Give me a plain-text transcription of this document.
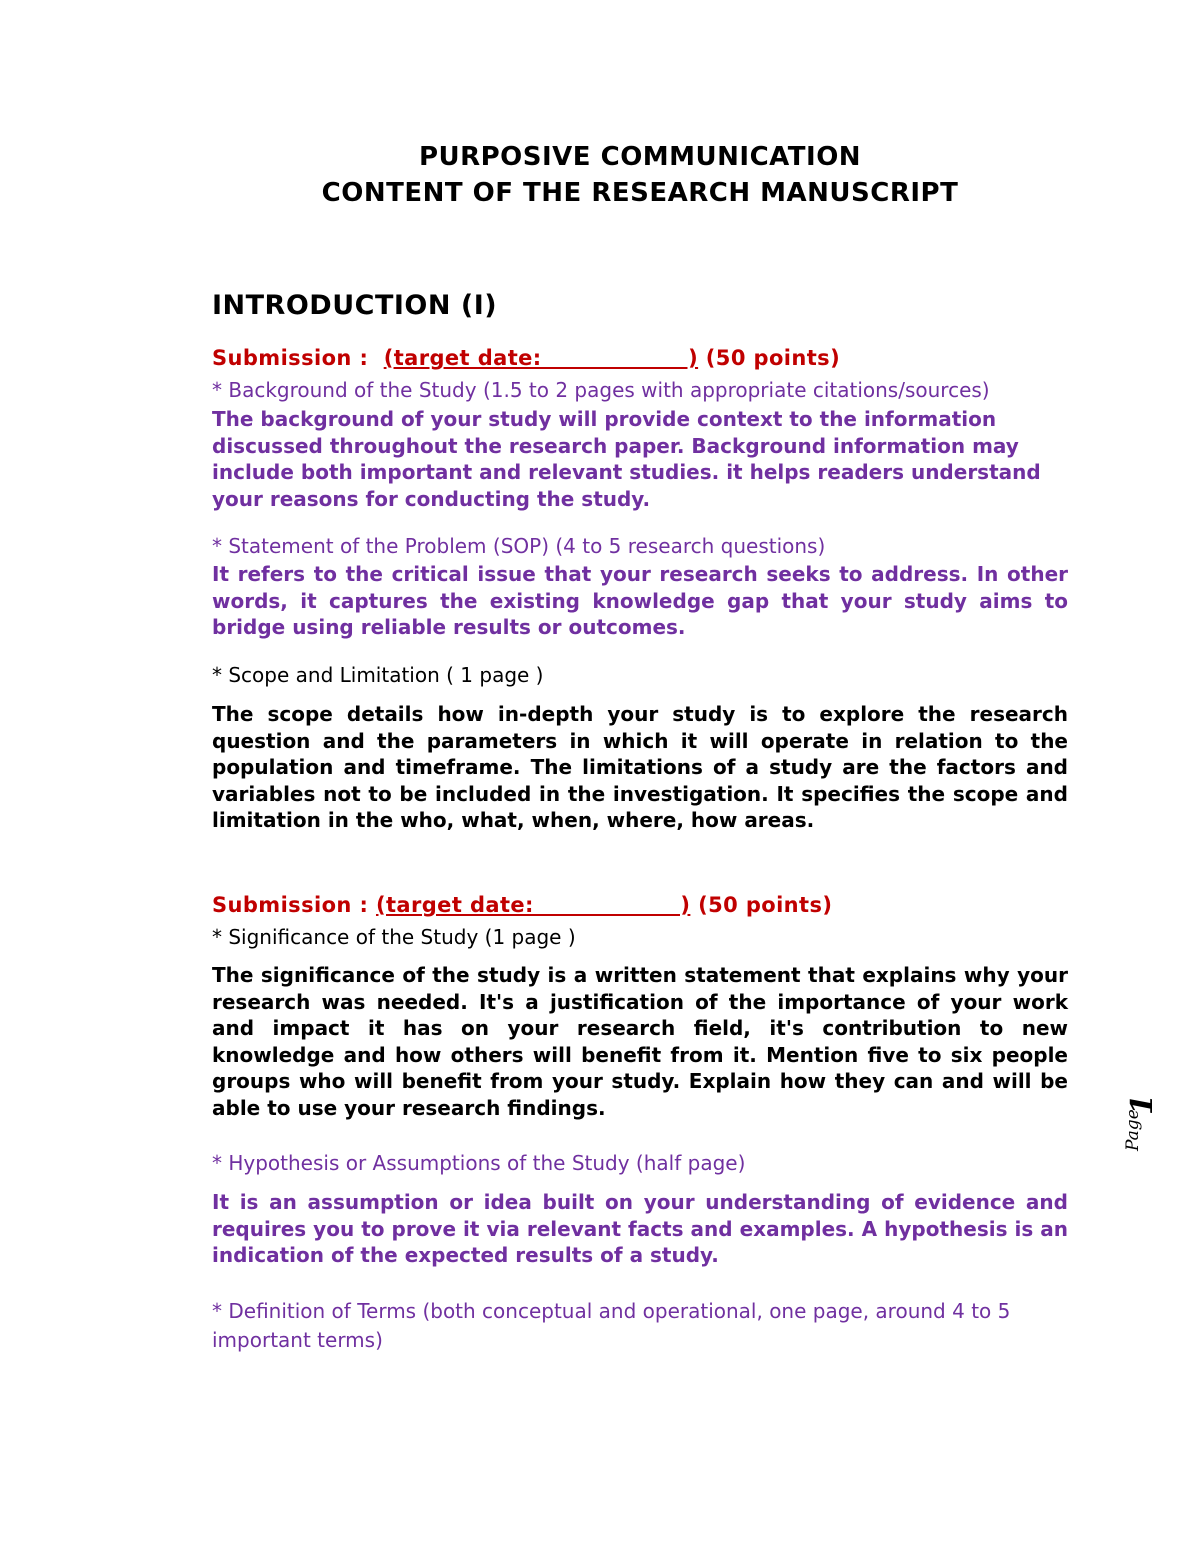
PURPOSIVE COMMUNICATION
CONTENT OF THE RESEARCH MANUSCRIPT
INTRODUCTION (I)
Submission :  (target date:                   ) (50 points)
* Background of the Study (1.5 to 2 pages with appropriate citations/sources)
The background of your study will provide context to the information discussed throughout the research paper. Background information may include both important and relevant studies. it helps readers understand your reasons for conducting the study.
* Statement of the Problem (SOP) (4 to 5 research questions)
It refers to the critical issue that your research seeks to address. In other words, it captures the existing knowledge gap that your study aims to bridge using reliable results or outcomes.
* Scope and Limitation ( 1 page )
The scope details how in-depth your study is to explore the research question and the parameters in which it will operate in relation to the population and timeframe. The limitations of a study are the factors and variables not to be included in the investigation. It specifies the scope and limitation in the who, what, when, where, how areas.
Submission : (target date:                   ) (50 points)
* Significance of the Study (1 page )
The significance of the study is a written statement that explains why your research was needed. It's a justification of the importance of your work and impact it has on your research field, it's contribution to new knowledge and how others will benefit from it. Mention five to six people groups who will benefit from your study. Explain how they can and will be able to use your research findings.
* Hypothesis or Assumptions of the Study (half page)
It is an assumption or idea built on your understanding of evidence and requires you to prove it via relevant facts and examples. A hypothesis is an indication of the expected results of a study.
* Definition of Terms (both conceptual and operational, one page, around 4 to 5 important terms)
Page
1
